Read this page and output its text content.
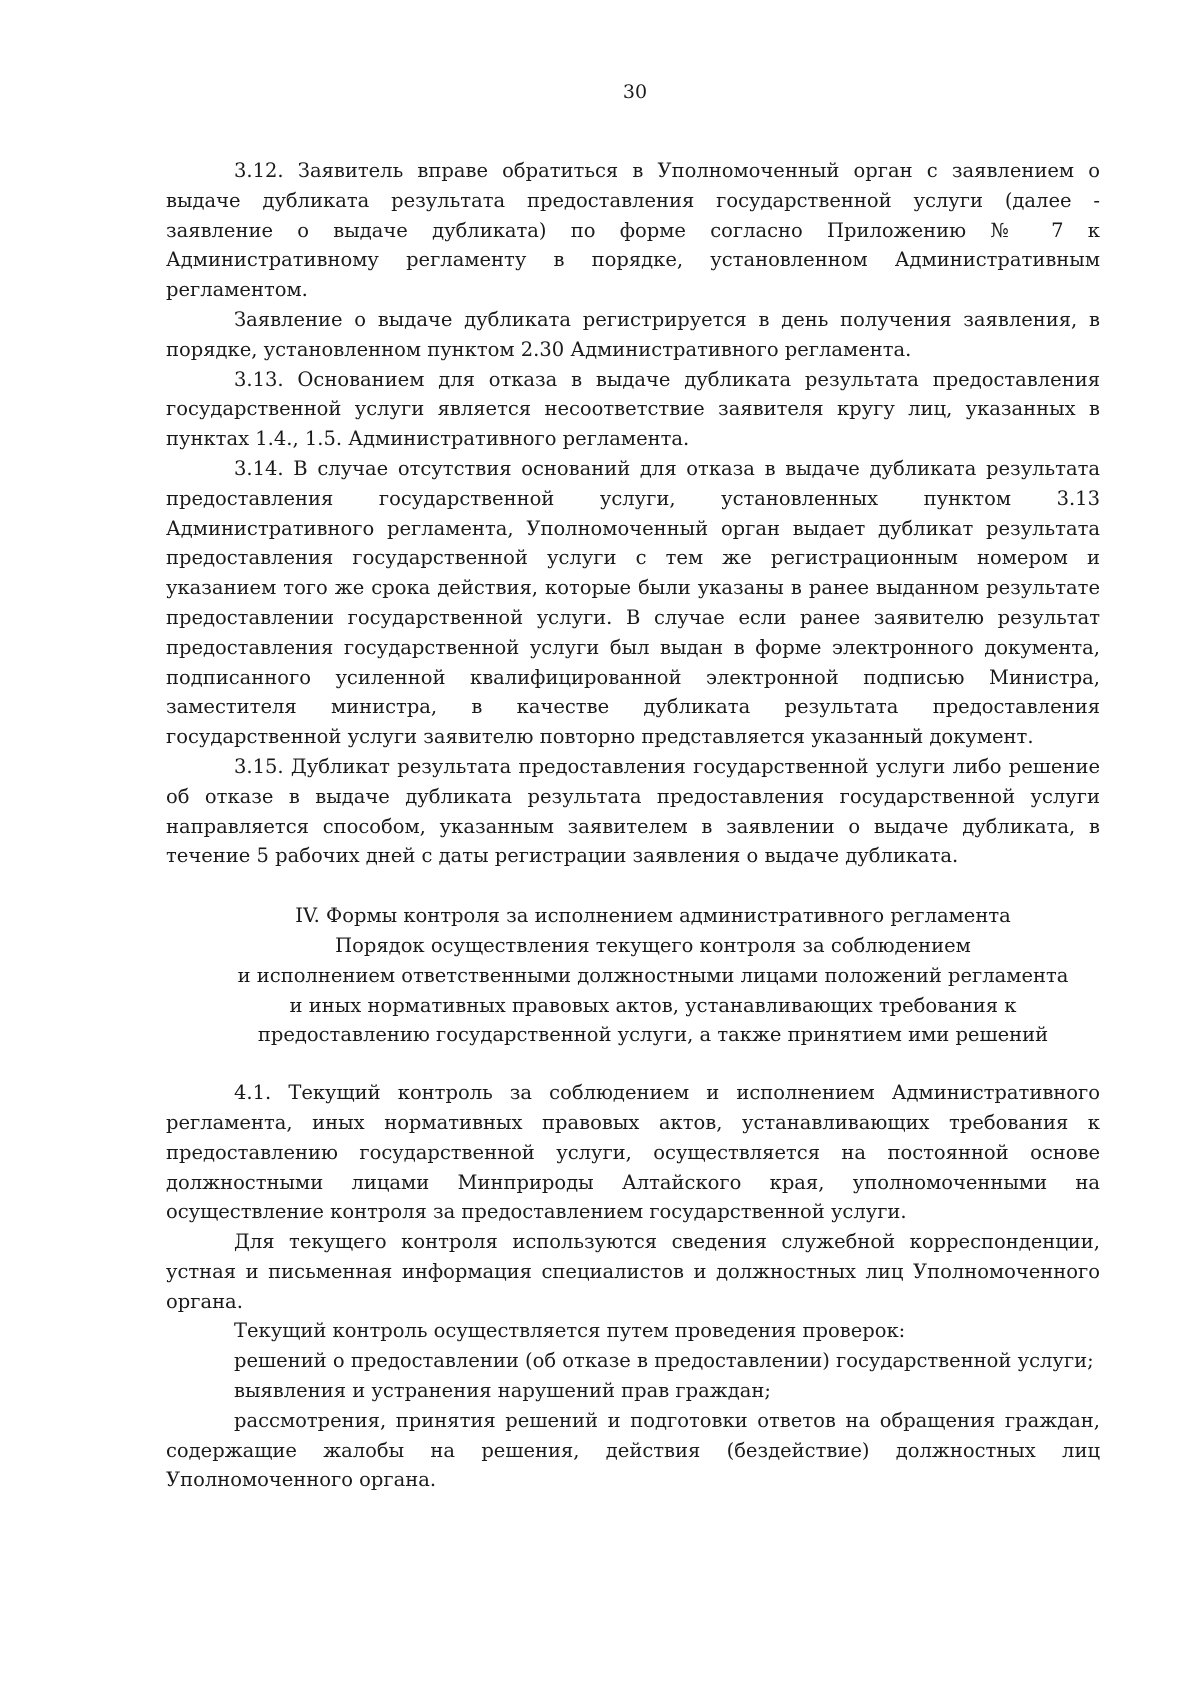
30

3.12. Заявитель вправе обратиться в Уполномоченный орган с заявлением о выдаче дубликата результата предоставления государственной услуги (далее - заявление о выдаче дубликата) по форме согласно Приложению № 7 к Административному регламенту в порядке, установленном Административным регламентом.

Заявление о выдаче дубликата регистрируется в день получения заявления, в порядке, установленном пунктом 2.30 Административного регламента.

3.13. Основанием для отказа в выдаче дубликата результата предоставления государственной услуги является несоответствие заявителя кругу лиц, указанных в пунктах 1.4., 1.5. Административного регламента.

3.14. В случае отсутствия оснований для отказа в выдаче дубликата результата предоставления государственной услуги, установленных пунктом 3.13 Административного регламента, Уполномоченный орган выдает дубликат результата предоставления государственной услуги с тем же регистрационным номером и указанием того же срока действия, которые были указаны в ранее выданном результате предоставлении государственной услуги. В случае если ранее заявителю результат предоставления государственной услуги был выдан в форме электронного документа, подписанного усиленной квалифицированной электронной подписью Министра, заместителя министра, в качестве дубликата результата предоставления государственной услуги заявителю повторно представляется указанный документ.

3.15. Дубликат результата предоставления государственной услуги либо решение об отказе в выдаче дубликата результата предоставления государственной услуги направляется способом, указанным заявителем в заявлении о выдаче дубликата, в течение 5 рабочих дней с даты регистрации заявления о выдаче дубликата.

IV. Формы контроля за исполнением административного регламента
Порядок осуществления текущего контроля за соблюдением
и исполнением ответственными должностными лицами положений регламента
и иных нормативных правовых актов, устанавливающих требования к
предоставлению государственной услуги, а также принятием ими решений

4.1. Текущий контроль за соблюдением и исполнением Административного регламента, иных нормативных правовых актов, устанавливающих требования к предоставлению государственной услуги, осуществляется на постоянной основе должностными лицами Минприроды Алтайского края, уполномоченными на осуществление контроля за предоставлением государственной услуги.

Для текущего контроля используются сведения служебной корреспонденции, устная и письменная информация специалистов и должностных лиц Уполномоченного органа.

Текущий контроль осуществляется путем проведения проверок:

решений о предоставлении (об отказе в предоставлении) государственной услуги;

выявления и устранения нарушений прав граждан;

рассмотрения, принятия решений и подготовки ответов на обращения граждан, содержащие жалобы на решения, действия (бездействие) должностных лиц Уполномоченного органа.
